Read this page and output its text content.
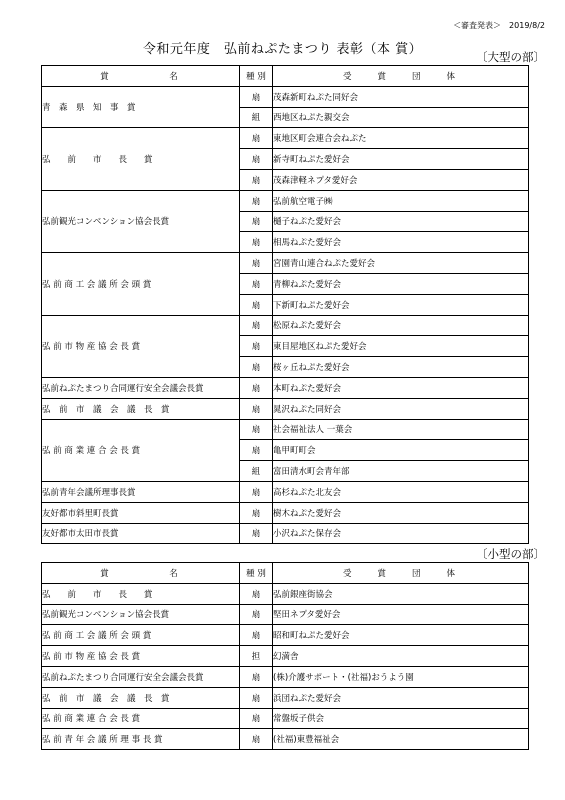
＜審査発表＞　2019/8/2
令和元年度　弘前ねぷたまつり 表彰（本 賞）	〔大型の部〕
賞　　　　　名	種 別	受　　賞　　団　　体
青　森　県　知　事　賞	扇	茂森新町ねぷた同好会
	組	西地区ねぷた親交会
弘　　前　　市　　長　　賞	扇	東地区町会連合会ねぷた
	扇	新寺町ねぷた愛好会
	扇	茂森津軽ネプタ愛好会
弘前観光コンベンション協会長賞	扇	弘前航空電子㈱
	扇	樋子ねぷた愛好会
	扇	相馬ねぷた愛好会
弘 前 商 工 会 議 所 会 頭 賞	扇	宮園青山連合ねぷた愛好会
	扇	青柳ねぷた愛好会
	扇	下新町ねぷた愛好会
弘 前 市 物 産 協 会 長 賞	扇	松原ねぷた愛好会
	扇	東目屋地区ねぷた愛好会
	扇	桜ヶ丘ねぷた愛好会
弘前ねぷたまつり合同運行安全会議会長賞	扇	本町ねぷた愛好会
弘　前　市　議　会　議　長　賞	扇	晁沢ねぷた同好会
弘 前 商 業 連 合 会 長 賞	扇	社会福祉法人 一葉会
	扇	亀甲町町会
	組	富田清水町会青年部
弘前青年会議所理事長賞	扇	高杉ねぷた北友会
友好都市斜里町長賞	扇	樹木ねぷた愛好会
友好都市太田市長賞	扇	小沢ねぷた保存会
〔小型の部〕
賞　　　　　名	種 別	受　　賞　　団　　体
弘　　前　　市　　長　　賞	扇	弘前銀座街協会
弘前観光コンベンション協会長賞	扇	堅田ネプタ愛好会
弘 前 商 工 会 議 所 会 頭 賞	扇	昭和町ねぷた愛好会
弘 前 市 物 産 協 会 長 賞	担	幻満舎
弘前ねぷたまつり合同運行安全会議会長賞	扇	(株)介護サポート・(社福)おうよう園
弘　前　市　議　会　議　長　賞	扇	浜団ねぷた愛好会
弘 前 商 業 連 合 会 長 賞	扇	常盤坂子供会
弘 前 青 年 会 議 所 理 事 長 賞	扇	(社福)東豊福祉会
